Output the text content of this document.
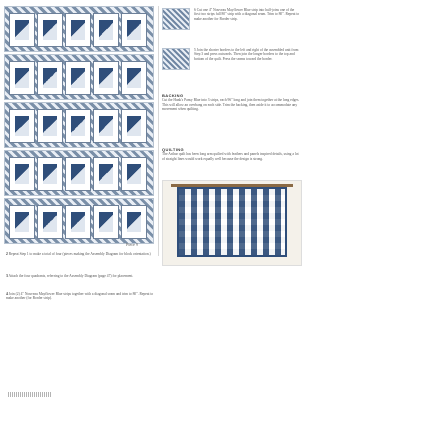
Piece 9
2 Repeat Step 1 to make a total of four (pieces making the Assembly Diagram for block orientation.)
3 Attach the four quadrants, referring to the Assembly Diagram (page 47) for placement.
4 Join (2) 4" Nouveau Mayflower Blue strips together with a diagonal seam and trim to 80". Repeat to make another (for Border strip).
6 Cut one 4" Nouveau Mayflower Blue strip into half-joins one of the first two strips full 80" strip with a diagonal seam. Trim to 80". Repeat to make another for Border strip.
5 Join the shorter borders to the left and right of the assembled unit from Step 3 and press outwards. Then join the longer borders to the top and bottom of the quilt. Press the seams toward the border.
BACKING
Cut the Hank's Pansy Blue into 3 strips, each 96" long and join them together at the long edges. This will allow an overhang on each side. Trim the backing, then aside it to accommodate any movement when quilting.
QUILTING
The Arthur quilt has been long arm quilted with feathers and panels inspired details, using a lot of straight lines would work equally well because the design is strong.
